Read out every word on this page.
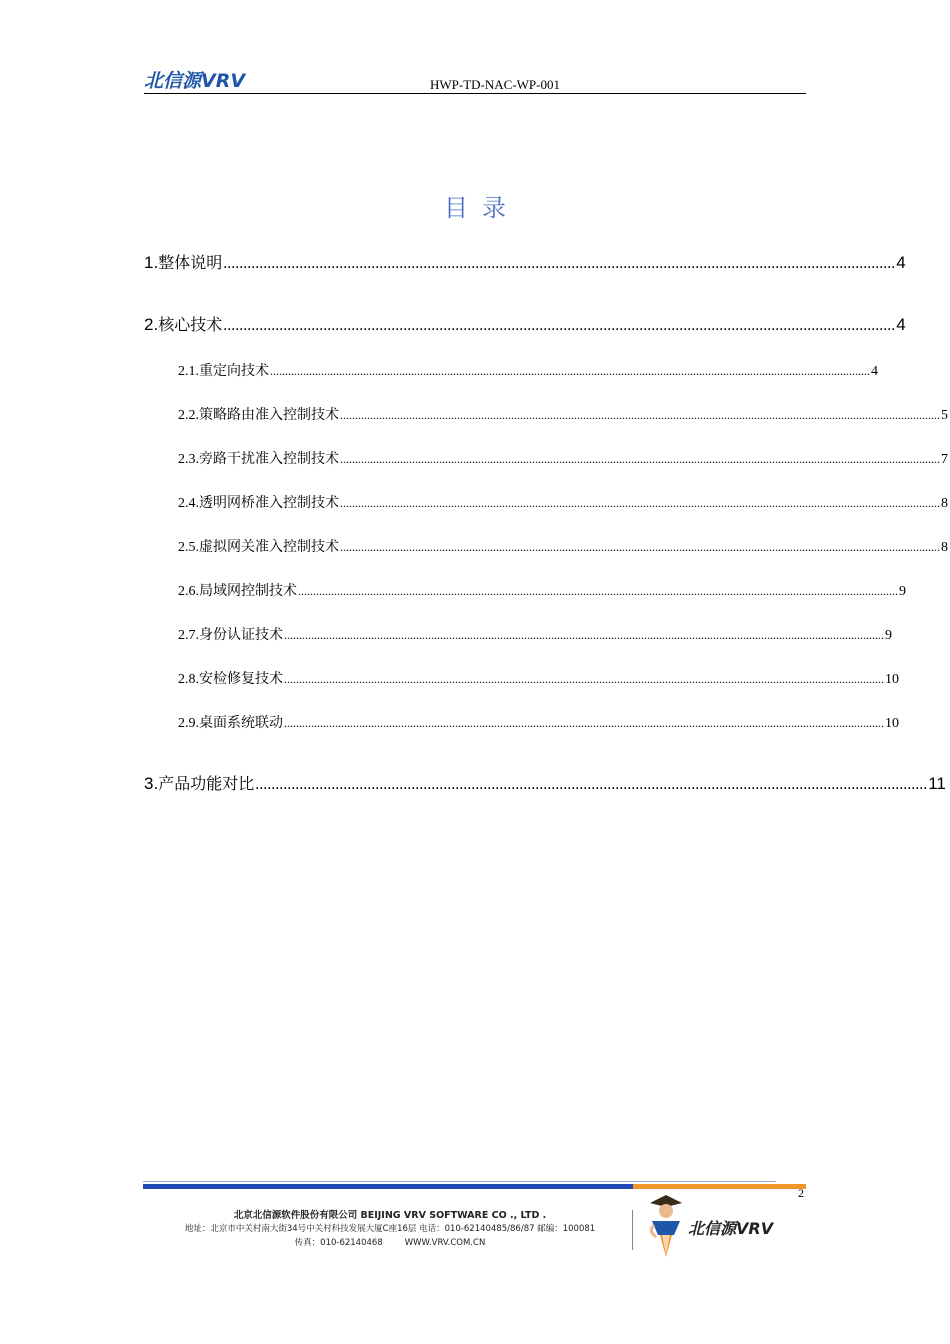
北信源VRV	HWP-TD-NAC-WP-001
目录
1. 整体说明 ........................................................................................................................................................................ 4
2. 核心技术 ........................................................................................................................................................................ 4
2.1. 重定向技术 ........................................................................................................................................................................................................ 4
2.2. 策略路由准入控制技术 ........................................................................................................................................................................................................ 5
2.3. 旁路干扰准入控制技术 ........................................................................................................................................................................................................ 7
2.4. 透明网桥准入控制技术 ........................................................................................................................................................................................................ 8
2.5. 虚拟网关准入控制技术 ........................................................................................................................................................................................................ 8
2.6. 局域网控制技术 ........................................................................................................................................................................................................ 9
2.7. 身份认证技术 ........................................................................................................................................................................................................ 9
2.8. 安检修复技术 ........................................................................................................................................................................................................ 10
2.9. 桌面系统联动 ........................................................................................................................................................................................................ 10
3. 产品功能对比 ........................................................................................................................................................................ 11
2
北京北信源软件股份有限公司 BEIJING VRV SOFTWARE CO ., LTD .
地址：北京市中关村南大街34号中关村科技发展大厦C座16层 电话：010-62140485/86/87 邮编：100081
传真：010-62140468	WWW.VRV.COM.CN
北信源VRV
